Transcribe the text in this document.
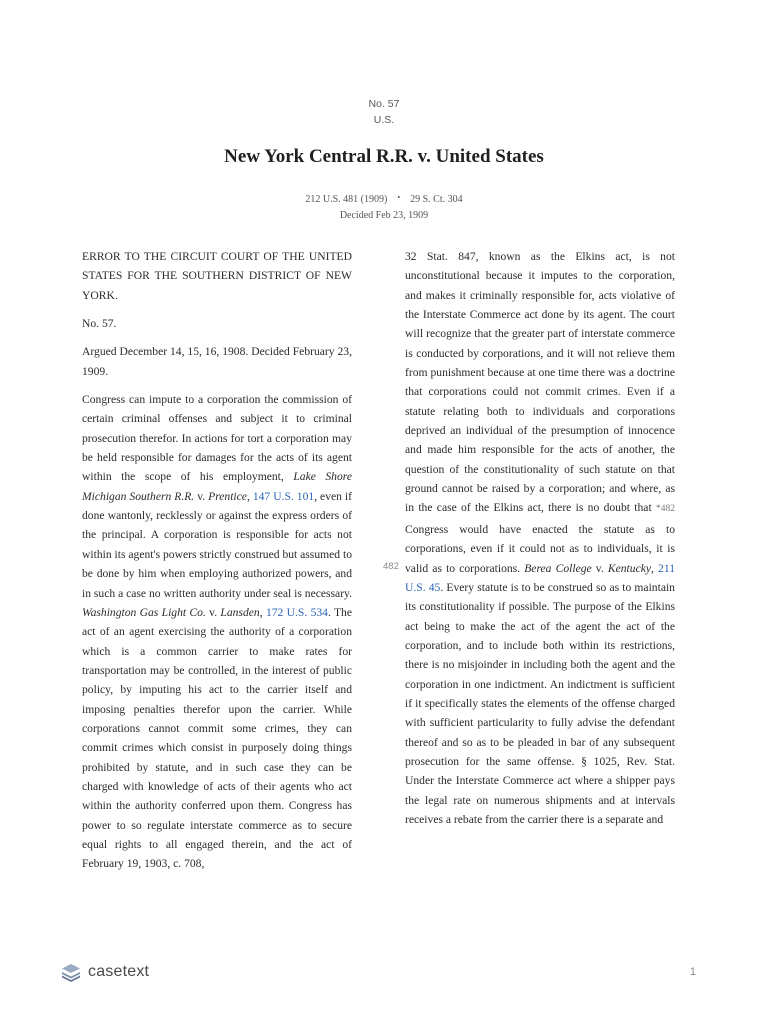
No. 57
U.S.
New York Central R.R. v. United States
212 U.S. 481 (1909) • 29 S. Ct. 304
Decided Feb 23, 1909

ERROR TO THE CIRCUIT COURT OF THE UNITED STATES FOR THE SOUTHERN DISTRICT OF NEW YORK.

No. 57.

Argued December 14, 15, 16, 1908. Decided February 23, 1909.

Congress can impute to a corporation the commission of certain criminal offenses and subject it to criminal prosecution therefor. In actions for tort a corporation may be held responsible for damages for the acts of its agent within the scope of his employment, Lake Shore Michigan Southern R.R. v. Prentice, 147 U.S. 101, even if done wantonly, recklessly or against the express orders of the principal. A corporation is responsible for acts not within its agent's powers strictly construed but assumed to be done by him when employing authorized powers, and in such a case no written authority under seal is necessary. Washington Gas Light Co. v. Lansden, 172 U.S. 534. The act of an agent exercising the authority of a corporation which is a common carrier to make rates for transportation may be controlled, in the interest of public policy, by imputing his act to the carrier itself and imposing penalties therefor upon the carrier. While corporations cannot commit some crimes, they can commit crimes which consist in purposely doing things prohibited by statute, and in such case they can be charged with knowledge of acts of their agents who act within the authority conferred upon them. Congress has power to so regulate interstate commerce as to secure equal rights to all engaged therein, and the act of February 19, 1903, c. 708,

482

32 Stat. 847, known as the Elkins act, is not unconstitutional because it imputes to the corporation, and makes it criminally responsible for, acts violative of the Interstate Commerce act done by its agent. The court will recognize that the greater part of interstate commerce is conducted by corporations, and it will not relieve them from punishment because at one time there was a doctrine that corporations could not commit crimes. Even if a statute relating both to individuals and corporations deprived an individual of the presumption of innocence and made him responsible for the acts of another, the question of the constitutionality of such statute on that ground cannot be raised by a corporation; and where, as in the case of the Elkins act, there is no doubt that *482 Congress would have enacted the statute as to corporations, even if it could not as to individuals, it is valid as to corporations. Berea College v. Kentucky, 211 U.S. 45. Every statute is to be construed so as to maintain its constitutionality if possible. The purpose of the Elkins act being to make the act of the agent the act of the corporation, and to include both within its restrictions, there is no misjoinder in including both the agent and the corporation in one indictment. An indictment is sufficient if it specifically states the elements of the offense charged with sufficient particularity to fully advise the defendant thereof and so as to be pleaded in bar of any subsequent prosecution for the same offense. § 1025, Rev. Stat. Under the Interstate Commerce act where a shipper pays the legal rate on numerous shipments and at intervals receives a rebate from the carrier there is a separate and

casetext	1
